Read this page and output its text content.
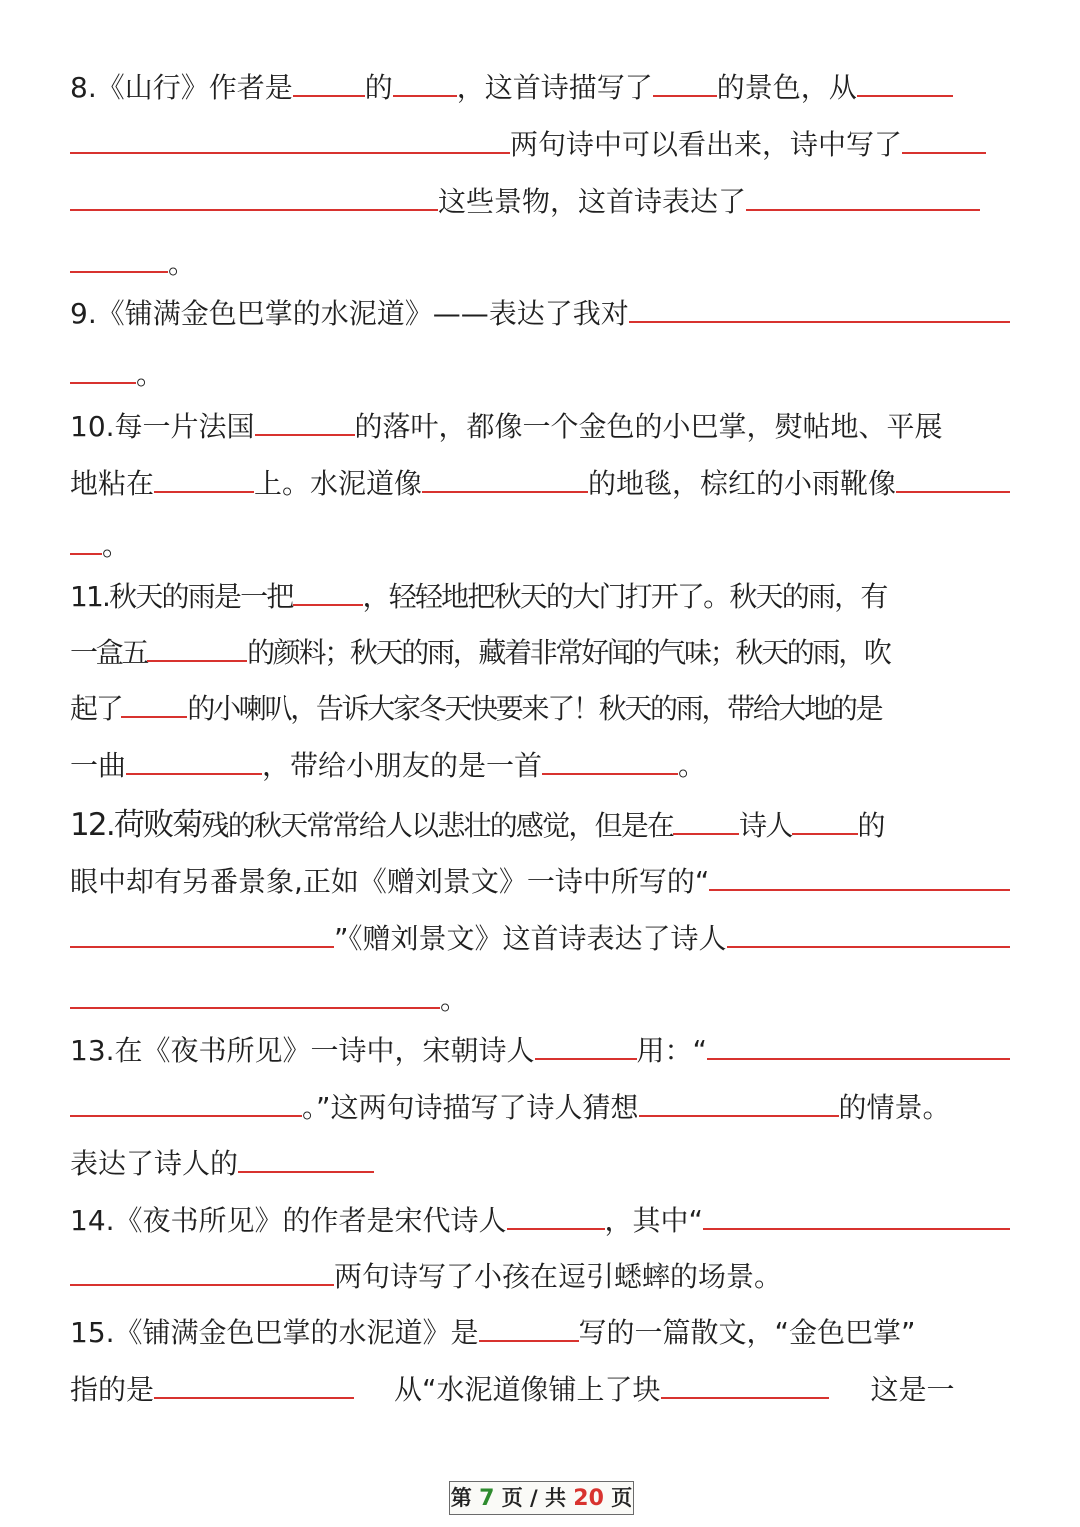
8.《山行》作者是	的 ，这首诗描写了 的景色，从
两句诗中可以看出来，诗中写了
这些景物，这首诗表达了
。
9.《铺满金色巴掌的水泥道》——表达了我对
。
10.每一片法国	的落叶，都像一个金色的小巴掌，熨帖地、平展
地粘在	上。水泥道像	的地毯，棕红的小雨靴像
。
11.秋天的雨是一把	，轻轻地把秋天的大门打开了。秋天的雨，有
一盒五	的颜料；秋天的雨，藏着非常好闻的气味；秋天的雨，吹
起了 的小喇叭，告诉大家冬天快要来了！秋天的雨，带给大地的是
一曲	，带给小朋友的是一首	。
12.荷败菊残的秋天常常给人以悲壮的感觉，但是在 诗人 的
眼中却有另番景象,正如《赠刘景文》一诗中所写的“
”《赠刘景文》这首诗表达了诗人
。
13.在《夜书所见》一诗中，宋朝诗人	用：“
。”这两句诗描写了诗人猜想	的情景。
表达了诗人的
14.《夜书所见》的作者是宋代诗人	，其中“
两句诗写了小孩在逗引蟋蟀的场景。
15.《铺满金色巴掌的水泥道》是	写的一篇散文，“金色巴掌”
指的是	从“水泥道像铺上了块	这是一
第 7 页 / 共 20 页
